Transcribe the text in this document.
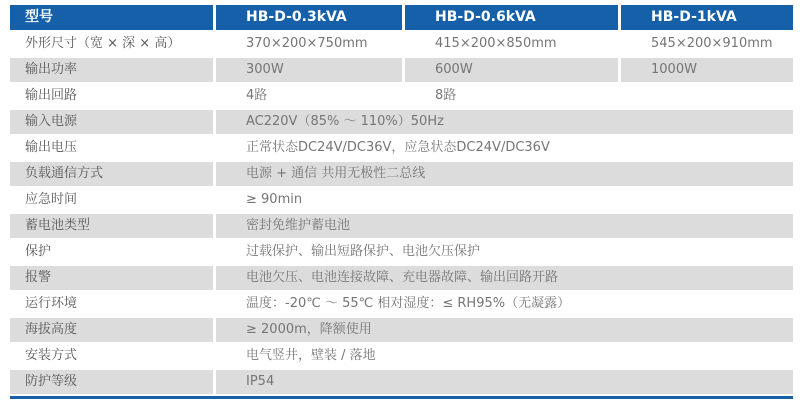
型号	HB-D-0.3kVA	HB-D-0.6kVA	HB-D-1kVA
外形尺寸（宽 × 深 × 高）	370×200×750mm	415×200×850mm	545×200×910mm
输出功率	300W	600W	1000W
输出回路	4路	8路
输入电源	AC220V（85% ～ 110%）50Hz
输出电压	正常状态DC24V/DC36V，应急状态DC24V/DC36V
负载通信方式	电源 + 通信 共用无极性二总线
应急时间	≥ 90min
蓄电池类型	密封免维护蓄电池
保护	过载保护、输出短路保护、电池欠压保护
报警	电池欠压、电池连接故障、充电器故障、输出回路开路
运行环境	温度：-20℃ ～ 55℃ 相对湿度：≤ RH95%（无凝露）
海拔高度	≥ 2000m，降额使用
安装方式	电气竖井，壁装 / 落地
防护等级	IP54
